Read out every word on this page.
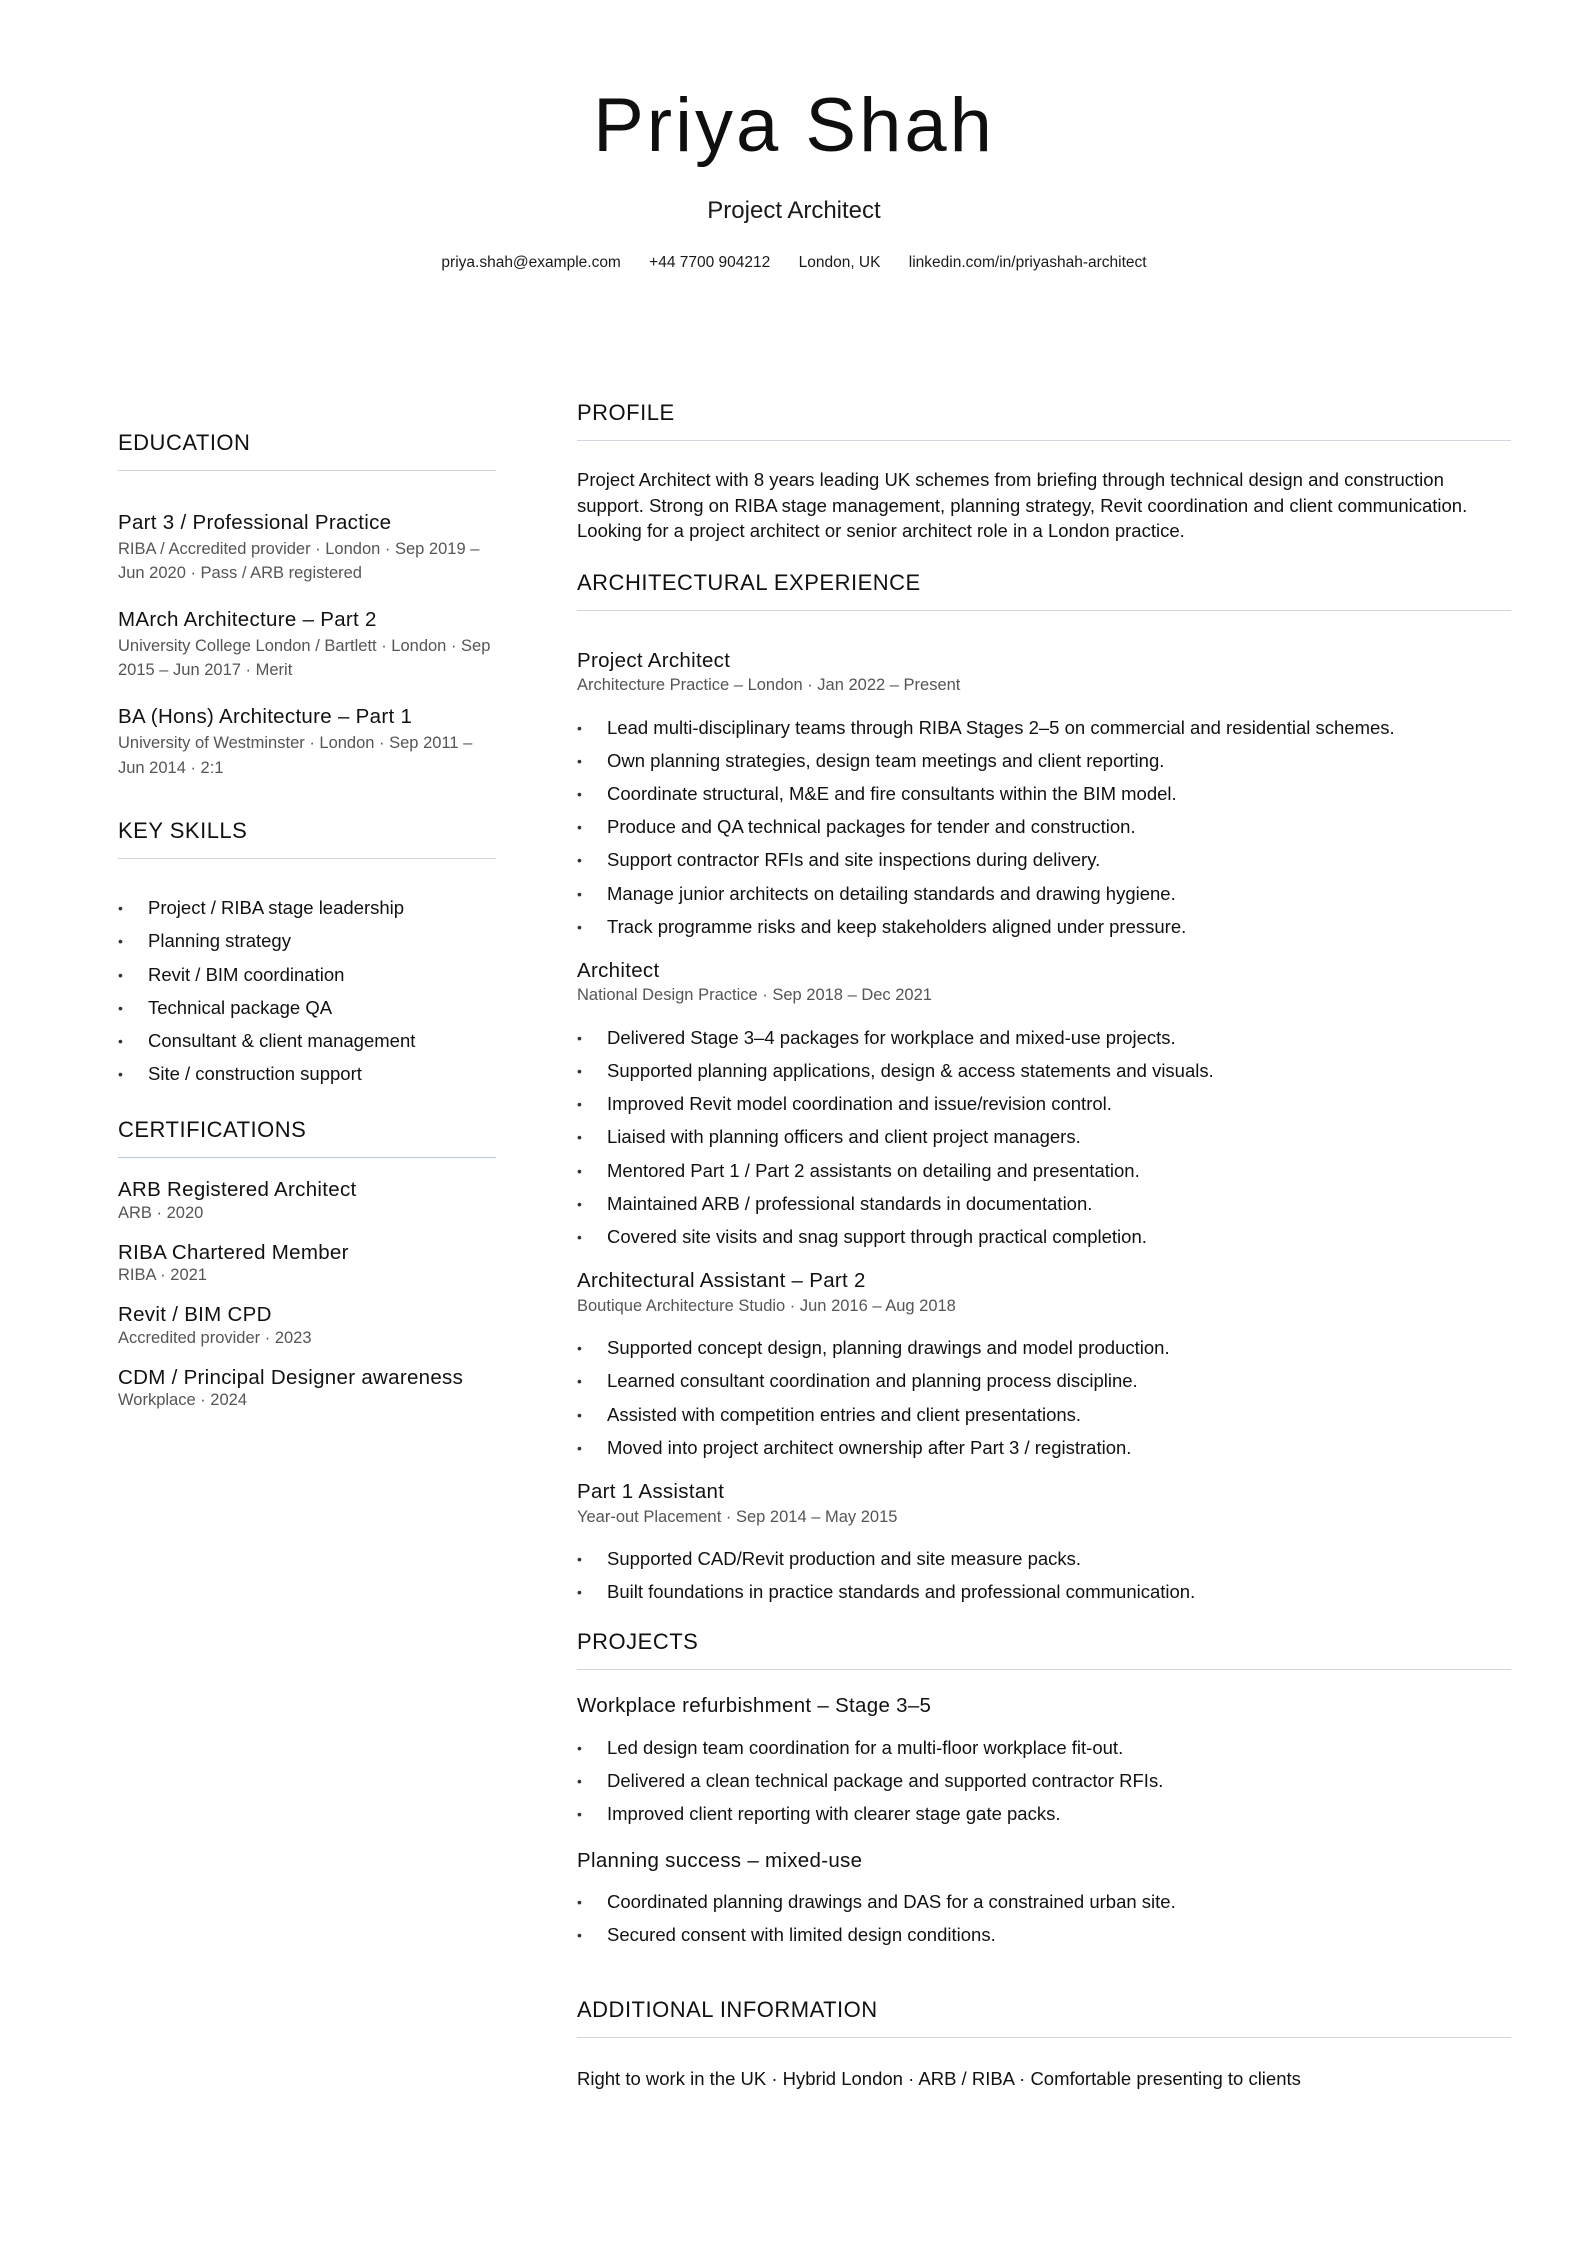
Priya Shah
Project Architect
priya.shah@example.com +44 7700 904212 London, UK linkedin.com/in/priyashah-architect
EDUCATION
Part 3 / Professional Practice
RIBA / Accredited provider · London · Sep 2019 – Jun 2020 · Pass / ARB registered
MArch Architecture – Part 2
University College London / Bartlett · London · Sep 2015 – Jun 2017 · Merit
BA (Hons) Architecture – Part 1
University of Westminster · London · Sep 2011 – Jun 2014 · 2:1
KEY SKILLS
• Project / RIBA stage leadership
• Planning strategy
• Revit / BIM coordination
• Technical package QA
• Consultant & client management
• Site / construction support
CERTIFICATIONS
ARB Registered Architect
ARB · 2020
RIBA Chartered Member
RIBA · 2021
Revit / BIM CPD
Accredited provider · 2023
CDM / Principal Designer awareness
Workplace · 2024
PROFILE

Project Architect with 8 years leading UK schemes from briefing through technical design and construction support. Strong on RIBA stage management, planning strategy, Revit coordination and client communication. Looking for a project architect or senior architect role in a London practice.

ARCHITECTURAL EXPERIENCE
Project Architect
Architecture Practice – London · Jan 2022 – Present
• Lead multi-disciplinary teams through RIBA Stages 2–5 on commercial and residential schemes.
• Own planning strategies, design team meetings and client reporting.
• Coordinate structural, M&E and fire consultants within the BIM model.
• Produce and QA technical packages for tender and construction.
• Support contractor RFIs and site inspections during delivery.
• Manage junior architects on detailing standards and drawing hygiene.
• Track programme risks and keep stakeholders aligned under pressure.
Architect
National Design Practice · Sep 2018 – Dec 2021
• Delivered Stage 3–4 packages for workplace and mixed-use projects.
• Supported planning applications, design & access statements and visuals.
• Improved Revit model coordination and issue/revision control.
• Liaised with planning officers and client project managers.
• Mentored Part 1 / Part 2 assistants on detailing and presentation.
• Maintained ARB / professional standards in documentation.
• Covered site visits and snag support through practical completion.
Architectural Assistant – Part 2
Boutique Architecture Studio · Jun 2016 – Aug 2018
• Supported concept design, planning drawings and model production.
• Learned consultant coordination and planning process discipline.
• Assisted with competition entries and client presentations.
• Moved into project architect ownership after Part 3 / registration.
Part 1 Assistant
Year-out Placement · Sep 2014 – May 2015
• Supported CAD/Revit production and site measure packs.
• Built foundations in practice standards and professional communication.
PROJECTS
Workplace refurbishment – Stage 3–5
• Led design team coordination for a multi-floor workplace fit-out.
• Delivered a clean technical package and supported contractor RFIs.
• Improved client reporting with clearer stage gate packs.
Planning success – mixed-use
• Coordinated planning drawings and DAS for a constrained urban site.
• Secured consent with limited design conditions.
ADDITIONAL INFORMATION

Right to work in the UK · Hybrid London · ARB / RIBA · Comfortable presenting to clients
